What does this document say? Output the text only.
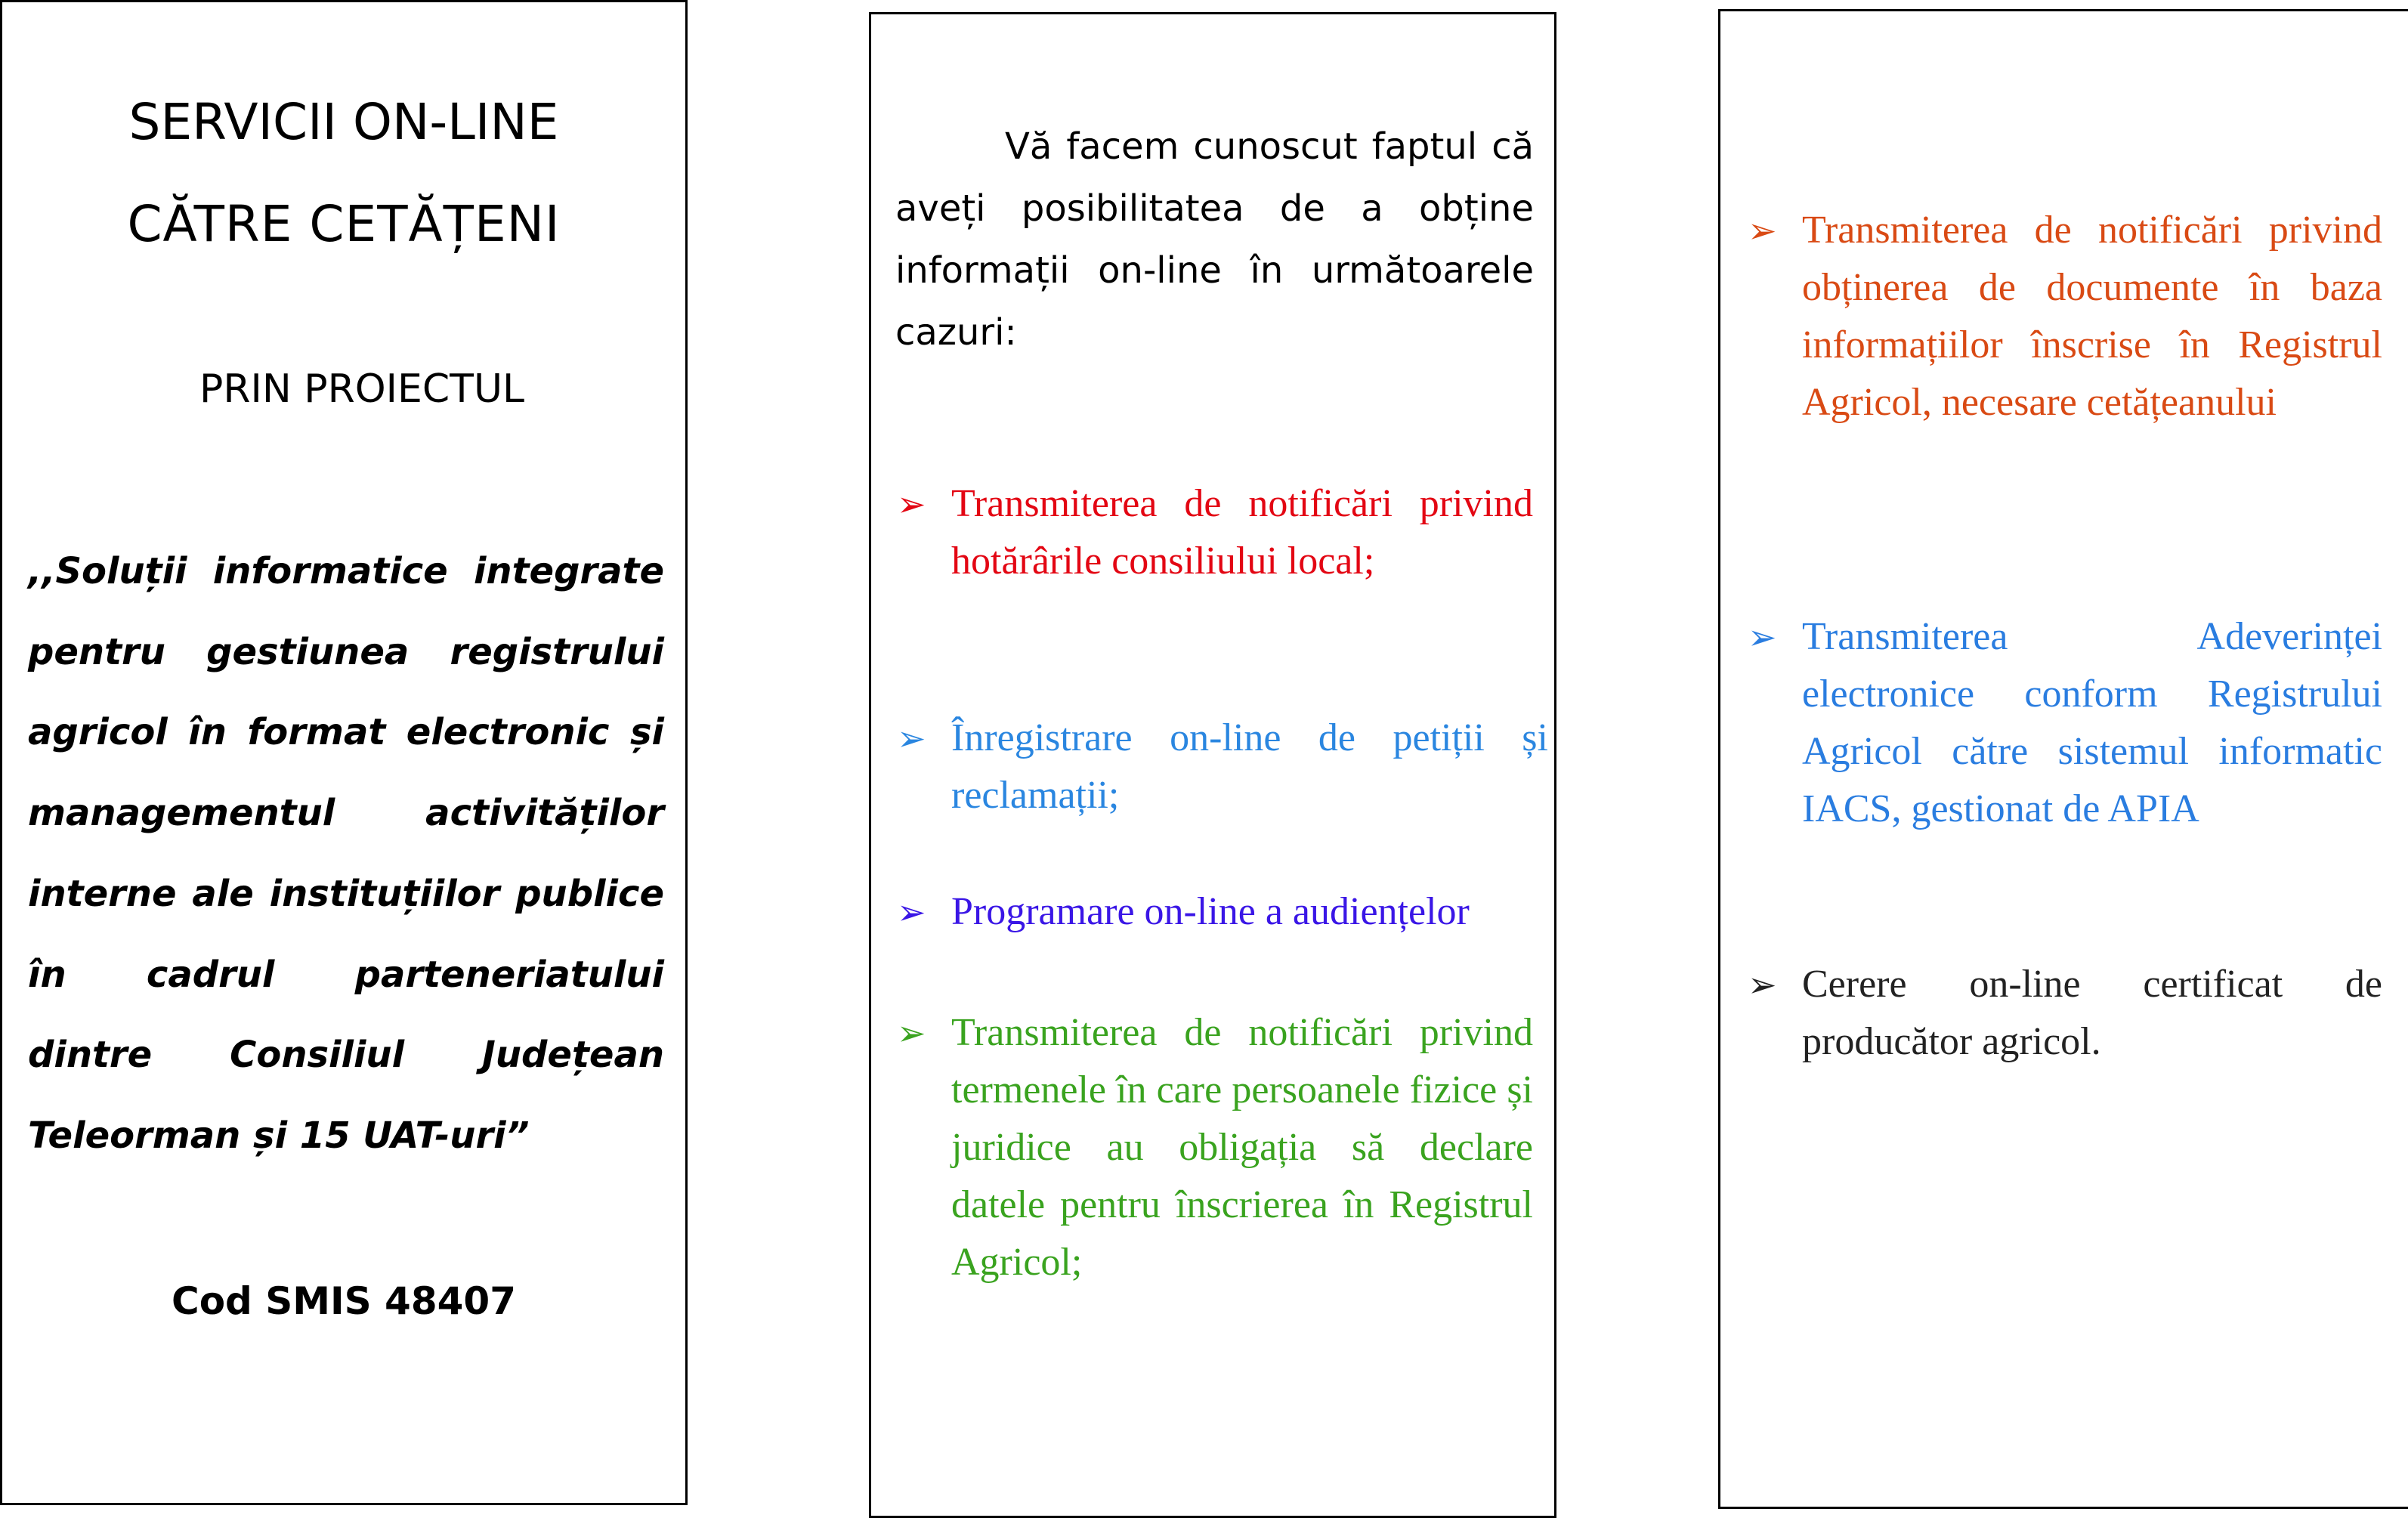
SERVICII ON-LINE
CĂTRE CETĂȚENI
PRIN PROIECTUL

,,Soluții informatice integrate pentru gestiunea registrului agricol în format electronic și managementul activităților interne ale instituțiilor publice în cadrul parteneriatului dintre Consiliul Județean Teleorman și 15 UAT-uri”

Cod SMIS 48407

Vă facem cunoscut faptul că aveți posibilitatea de a obține informații on-line în următoarele cazuri:

➢ Transmiterea de notificări privind hotărârile consiliului local;

➢ Înregistrare on-line de petiții și reclamații;

➢ Programare on-line a audiențelor

➢ Transmiterea de notificări privind termenele în care persoanele fizice și juridice au obligația să declare datele pentru înscrierea în Registrul Agricol;

➢ Transmiterea de notificări privind obținerea de documente în baza informațiilor înscrise în Registrul Agricol, necesare cetățeanului

➢ Transmiterea Adeverinței electronice conform Registrului Agricol către sistemul informatic IACS, gestionat de APIA

➢ Cerere on-line certificat de producător agricol.
